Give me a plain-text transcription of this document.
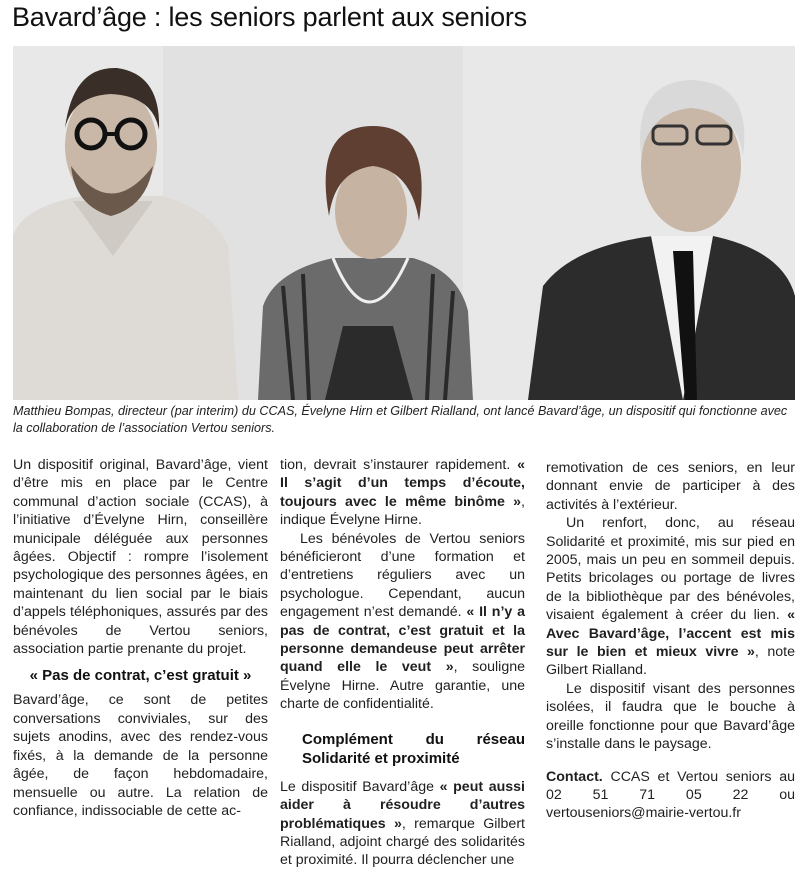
Bavard’âge : les seniors parlent aux seniors
Matthieu Bompas, directeur (par interim) du CCAS, Évelyne Hirn et Gilbert Rialland, ont lancé Bavard’âge, un dispositif qui fonctionne avec la collaboration de l’association Vertou seniors.

Un dispositif original, Bavard’âge, vient d’être mis en place par le Centre communal d’action sociale (CCAS), à l’initiative d’Évelyne Hirn, conseillère municipale déléguée aux personnes âgées. Objectif : rompre l’isolement psychologique des personnes âgées, en maintenant du lien social par le biais d’appels téléphoniques, assurés par des bénévoles de Vertou seniors, association partie prenante du projet.

« Pas de contrat, c’est gratuit »

Bavard’âge, ce sont de petites conversations conviviales, sur des sujets anodins, avec des rendez-vous fixés, à la demande de la personne âgée, de façon hebdomadaire, mensuelle ou autre. La relation de confiance, indissociable de cette ac-

tion, devrait s’instaurer rapidement. « Il s’agit d’un temps d’écoute, toujours avec le même binôme », indique Évelyne Hirne.

Les bénévoles de Vertou seniors bénéficieront d’une formation et d’entretiens réguliers avec un psychologue. Cependant, aucun engagement n’est demandé. « Il n’y a pas de contrat, c’est gratuit et la personne demandeuse peut arrêter quand elle le veut », souligne Évelyne Hirne. Autre garantie, une charte de confidentialité.

Complément du réseau Solidarité et proximité

Le dispositif Bavard’âge « peut aussi aider à résoudre d’autres problématiques », remarque Gilbert Rialland, adjoint chargé des solidarités et proximité. Il pourra déclencher une

remotivation de ces seniors, en leur donnant envie de participer à des activités à l’extérieur.

Un renfort, donc, au réseau Solidarité et proximité, mis sur pied en 2005, mais un peu en sommeil depuis. Petits bricolages ou portage de livres de la bibliothèque par des bénévoles, visaient également à créer du lien. « Avec Bavard’âge, l’accent est mis sur le bien et mieux vivre », note Gilbert Rialland.

Le dispositif visant des personnes isolées, il faudra que le bouche à oreille fonctionne pour que Bavard’âge s’installe dans le paysage.

Contact. CCAS et Vertou seniors au 02 51 71 05 22 ou vertouseniors@mairie-vertou.fr
